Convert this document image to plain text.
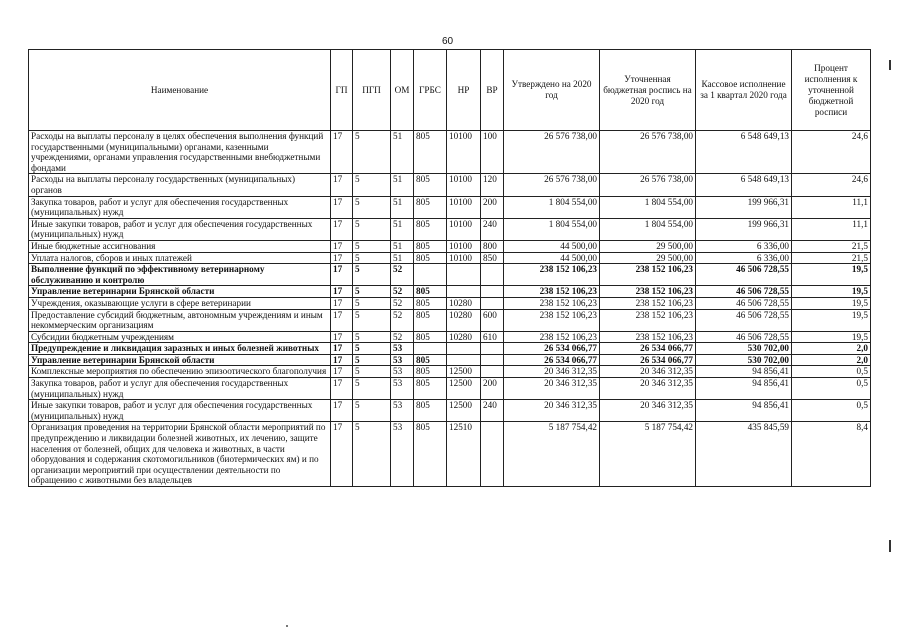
60
Наименование	ГП	ПГП	ОМ	ГРБС	НР	ВР	Утверждено на 2020 год	Уточненная бюджетная роспись на 2020 год	Кассовое исполнение за 1 квартал 2020 года	Процент исполнения к уточненной бюджетной росписи
Расходы на выплаты персоналу в целях обеспечения выполнения функций государственными (муниципальными) органами, казенными учреждениями, органами управления государственными внебюджетными фондами	17	5	51	805	10100	100	26 576 738,00	26 576 738,00	6 548 649,13	24,6
Расходы на выплаты персоналу государственных (муниципальных) органов	17	5	51	805	10100	120	26 576 738,00	26 576 738,00	6 548 649,13	24,6
Закупка товаров, работ и услуг для обеспечения государственных (муниципальных) нужд	17	5	51	805	10100	200	1 804 554,00	1 804 554,00	199 966,31	11,1
Иные закупки товаров, работ и услуг для обеспечения государственных (муниципальных) нужд	17	5	51	805	10100	240	1 804 554,00	1 804 554,00	199 966,31	11,1
Иные бюджетные ассигнования	17	5	51	805	10100	800	44 500,00	29 500,00	6 336,00	21,5
Уплата налогов, сборов и иных платежей	17	5	51	805	10100	850	44 500,00	29 500,00	6 336,00	21,5
Выполнение функций по эффективному ветеринарному обслуживанию и контролю	17	5	52				238 152 106,23	238 152 106,23	46 506 728,55	19,5
Управление ветеринарии Брянской области	17	5	52	805			238 152 106,23	238 152 106,23	46 506 728,55	19,5
Учреждения, оказывающие услуги в сфере ветеринарии	17	5	52	805	10280		238 152 106,23	238 152 106,23	46 506 728,55	19,5
Предоставление субсидий бюджетным, автономным учреждениям и иным некоммерческим организациям	17	5	52	805	10280	600	238 152 106,23	238 152 106,23	46 506 728,55	19,5
Субсидии бюджетным учреждениям	17	5	52	805	10280	610	238 152 106,23	238 152 106,23	46 506 728,55	19,5
Предупреждение и ликвидация заразных и иных болезней животных	17	5	53				26 534 066,77	26 534 066,77	530 702,00	2,0
Управление ветеринарии Брянской области	17	5	53	805			26 534 066,77	26 534 066,77	530 702,00	2,0
Комплексные мероприятия по обеспечению эпизоотического благополучия	17	5	53	805	12500		20 346 312,35	20 346 312,35	94 856,41	0,5
Закупка товаров, работ и услуг для обеспечения государственных (муниципальных) нужд	17	5	53	805	12500	200	20 346 312,35	20 346 312,35	94 856,41	0,5
Иные закупки товаров, работ и услуг для обеспечения государственных (муниципальных) нужд	17	5	53	805	12500	240	20 346 312,35	20 346 312,35	94 856,41	0,5
Организация проведения на территории Брянской области мероприятий по предупреждению и ликвидации болезней животных, их лечению, защите населения от болезней, общих для человека и животных, в части оборудования и содержания скотомогильников (биотермических ям) и по организации мероприятий при осуществлении деятельности по обращению с животными без владельцев	17	5	53	805	12510		5 187 754,42	5 187 754,42	435 845,59	8,4
